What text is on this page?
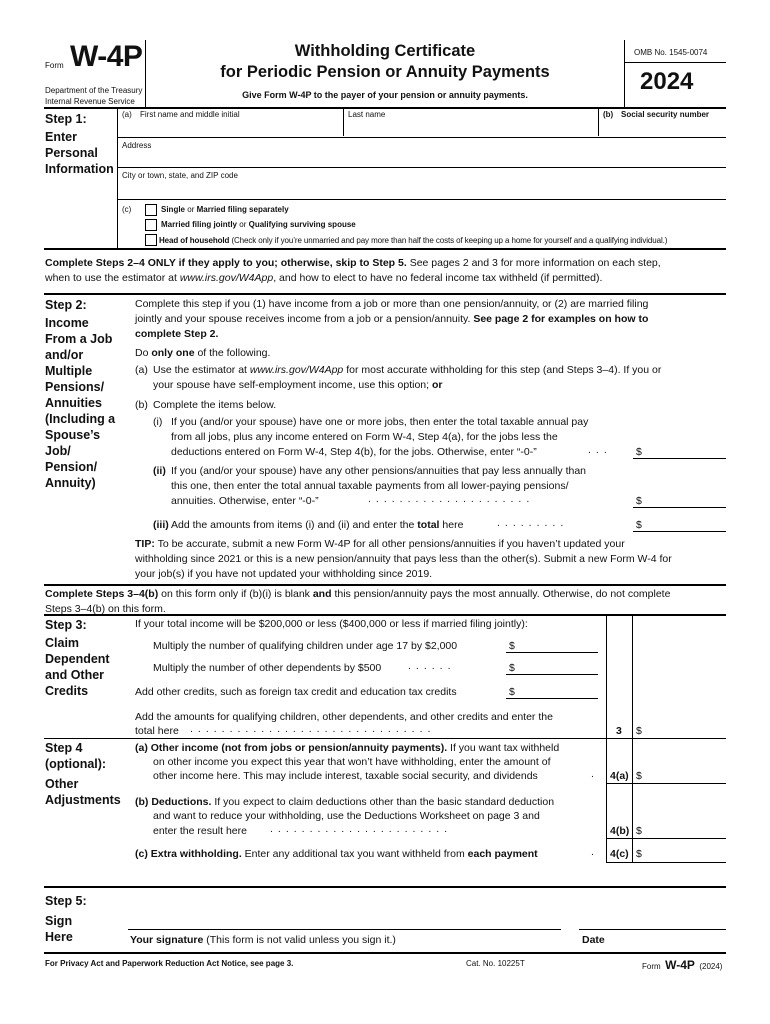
Form W-4P
Department of the Treasury
Internal Revenue Service
Withholding Certificate
for Periodic Pension or Annuity Payments
Give Form W-4P to the payer of your pension or annuity payments.
OMB No. 1545-0074
2024
Step 1:
Enter
Personal
Information
(a) First name and middle initial	Last name	(b) Social security number
Address
City or town, state, and ZIP code
(c)	Single or Married filing separately
Married filing jointly or Qualifying surviving spouse
Head of household (Check only if you’re unmarried and pay more than half the costs of keeping up a home for yourself and a qualifying individual.)
Complete Steps 2–4 ONLY if they apply to you; otherwise, skip to Step 5. See pages 2 and 3 for more information on each step,
when to use the estimator at www.irs.gov/W4App, and how to elect to have no federal income tax withheld (if permitted).
Step 2:
Income
From a Job
and/or
Multiple
Pensions/
Annuities
(Including a
Spouse’s
Job/
Pension/
Annuity)
Complete this step if you (1) have income from a job or more than one pension/annuity, or (2) are married filing
jointly and your spouse receives income from a job or a pension/annuity. See page 2 for examples on how to
complete Step 2.
Do only one of the following.
(a) Use the estimator at www.irs.gov/W4App for most accurate withholding for this step (and Steps 3–4). If you or
your spouse have self-employment income, use this option; or
(b) Complete the items below.
(i) If you (and/or your spouse) have one or more jobs, then enter the total taxable annual pay
from all jobs, plus any income entered on Form W-4, Step 4(a), for the jobs less the
deductions entered on Form W-4, Step 4(b), for the jobs. Otherwise, enter “-0-”	... $
(ii) If you (and/or your spouse) have any other pensions/annuities that pay less annually than
this one, then enter the total annual taxable payments from all lower-paying pensions/
annuities. Otherwise, enter “-0-”	.....................	$
(iii) Add the amounts from items (i) and (ii) and enter the total here	.........	$
TIP: To be accurate, submit a new Form W-4P for all other pensions/annuities if you haven’t updated your
withholding since 2021 or this is a new pension/annuity that pays less than the other(s). Submit a new Form W-4 for
your job(s) if you have not updated your withholding since 2019.
Complete Steps 3–4(b) on this form only if (b)(i) is blank and this pension/annuity pays the most annually. Otherwise, do not complete
Steps 3–4(b) on this form.
Step 3:
Claim
Dependent
and Other
Credits
If your total income will be $200,000 or less ($400,000 or less if married filing jointly):
Multiply the number of qualifying children under age 17 by $2,000	$
Multiply the number of other dependents by $500	......	$
Add other credits, such as foreign tax credit and education tax credits	$
Add the amounts for qualifying children, other dependents, and other credits and enter the
total here ...............................	3 $
Step 4
(optional):
Other
Adjustments
(a) Other income (not from jobs or pension/annuity payments). If you want tax withheld
on other income you expect this year that won’t have withholding, enter the amount of
other income here. This may include interest, taxable social security, and dividends	. 4(a) $
(b) Deductions. If you expect to claim deductions other than the basic standard deduction
and want to reduce your withholding, use the Deductions Worksheet on page 3 and
enter the result here .......................	4(b) $
(c) Extra withholding. Enter any additional tax you want withheld from each payment	. 4(c) $
Step 5:
Sign
Here	Your signature (This form is not valid unless you sign it.)	Date
For Privacy Act and Paperwork Reduction Act Notice, see page 3.	Cat. No. 10225T	Form W-4P (2024)
